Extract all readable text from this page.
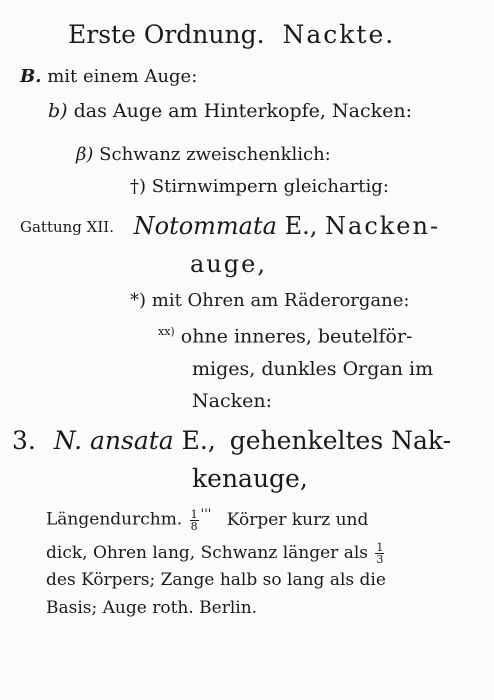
Erste Ordnung. Nackte.
B. mit einem Auge:
b) das Auge am Hinterkopfe, Nacken:
β) Schwanz zweischenklich:
†) Stirnwimpern gleichartig:
Gattung XII. Notommata E., Nacken-
auge,
*) mit Ohren am Räderorgane:
$^{xx)}$ ohne inneres, beutelför-
miges, dunkles Organ im
Nacken:
3. N. ansata E., gehenkeltes Nak-
kenauge,
Längendurchm. $\frac{1}{8} '''$ Körper kurz und
dick, Ohren lang, Schwanz länger als $\frac{1}{3}$
des Körpers; Zange halb so lang als die
Basis; Auge roth. Berlin.
